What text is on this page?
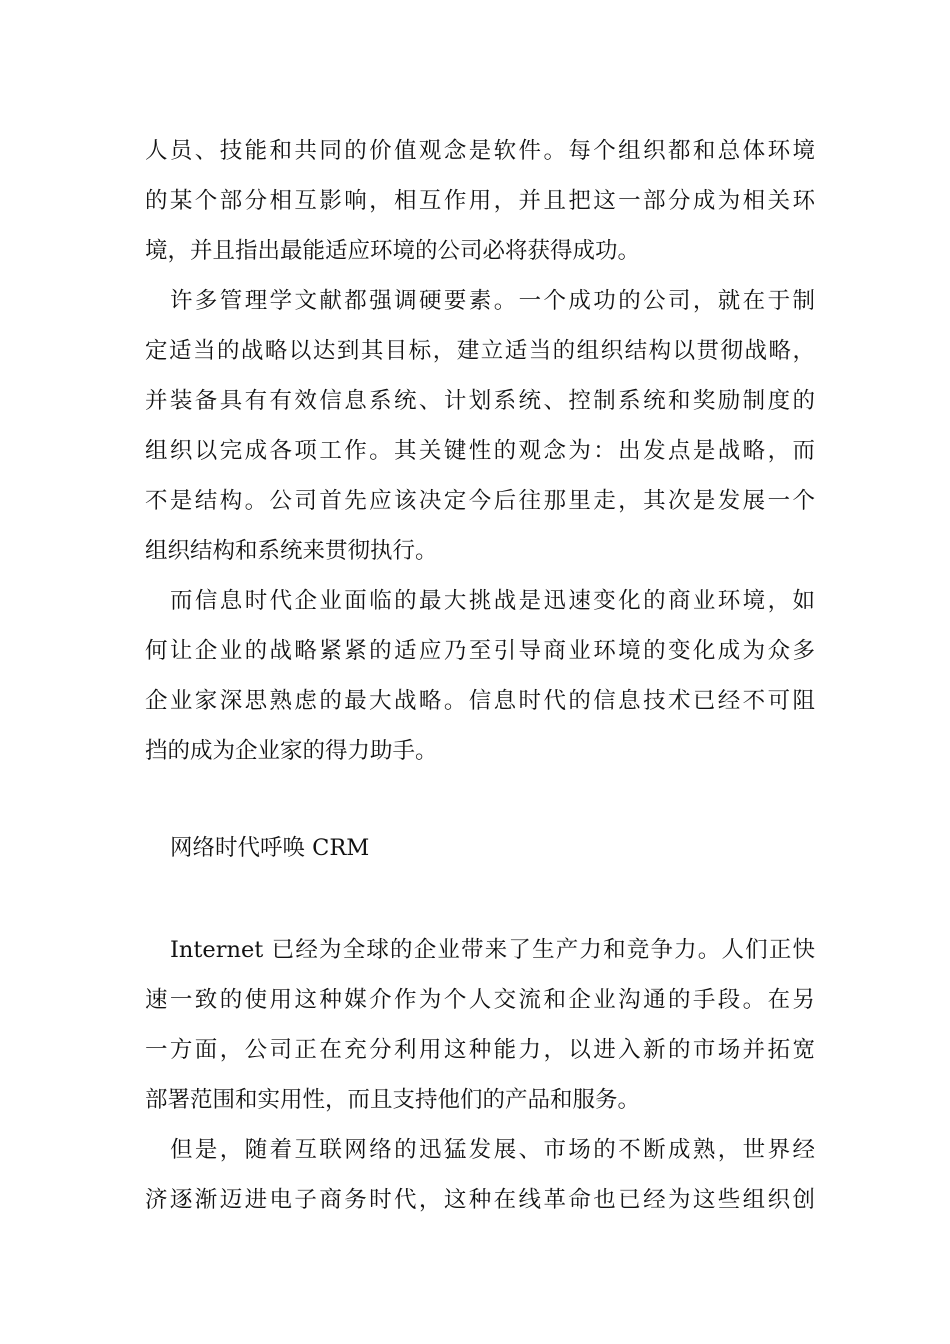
人员、技能和共同的价值观念是软件。每个组织都和总体环境
的某个部分相互影响，相互作用，并且把这一部分成为相关环
境，并且指出最能适应环境的公司必将获得成功。
许多管理学文献都强调硬要素。一个成功的公司，就在于制
定适当的战略以达到其目标，建立适当的组织结构以贯彻战略，
并装备具有有效信息系统、计划系统、控制系统和奖励制度的
组织以完成各项工作。其关键性的观念为：出发点是战略，而
不是结构。公司首先应该决定今后往那里走，其次是发展一个
组织结构和系统来贯彻执行。
而信息时代企业面临的最大挑战是迅速变化的商业环境，如
何让企业的战略紧紧的适应乃至引导商业环境的变化成为众多
企业家深思熟虑的最大战略。信息时代的信息技术已经不可阻
挡的成为企业家的得力助手。
网络时代呼唤 CRM
Internet 已经为全球的企业带来了生产力和竞争力。人们正快
速一致的使用这种媒介作为个人交流和企业沟通的手段。在另
一方面，公司正在充分利用这种能力，以进入新的市场并拓宽
部署范围和实用性，而且支持他们的产品和服务。
但是，随着互联网络的迅猛发展、市场的不断成熟，世界经
济逐渐迈进电子商务时代，这种在线革命也已经为这些组织创
